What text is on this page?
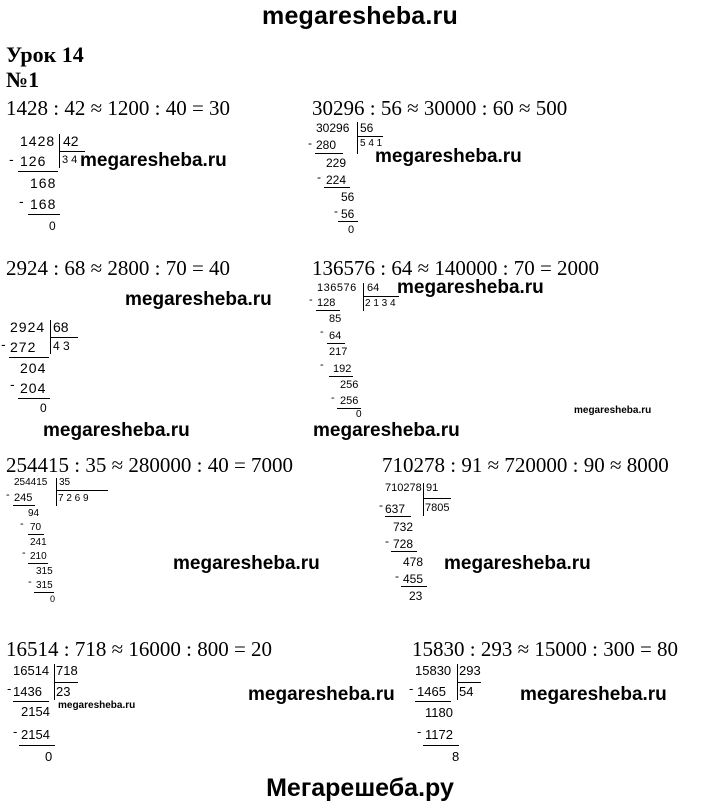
megaresheba.ru
Урок 14
№1
1428 : 42 ≈ 1200 : 40 = 30	30296 : 56 ≈ 30000 : 60 ≈ 500
2924 : 68 ≈ 2800 : 70 = 40	136576 : 64 ≈ 140000 : 70 = 2000
254415 : 35 ≈ 280000 : 40 = 7000	710278 : 91 ≈ 720000 : 90 ≈ 8000
16514 : 718 ≈ 16000 : 800 = 20	15830 : 293 ≈ 15000 : 300 = 80
1428 42
3 4
- 126
168
- 168
0
30296 56
5 4 1
- 280
229
- 224
56
- 56
0
2924 68
4 3
- 272
204
- 204
0
136576 64
2 1 3 4
- 128
85
- 64
217
- 192
256
- 256
0
254415 35
7 2 6 9
- 245
94
- 70
241
- 210
315
- 315
0
710278 91
7805
- 637
732
- 728
478
- 455
23
16514 718
23
- 1436
2154
- 2154
0
15830 293
54
- 1465
1180
- 1172
8
megaresheba.ru	megaresheba.ru
megaresheba.ru
megaresheba.ru
megaresheba.ru
megaresheba.ru	megaresheba.ru
megaresheba.ru	megaresheba.ru
megaresheba.ru
megaresheba.ru	megaresheba.ru
Мегарешеба.ру
